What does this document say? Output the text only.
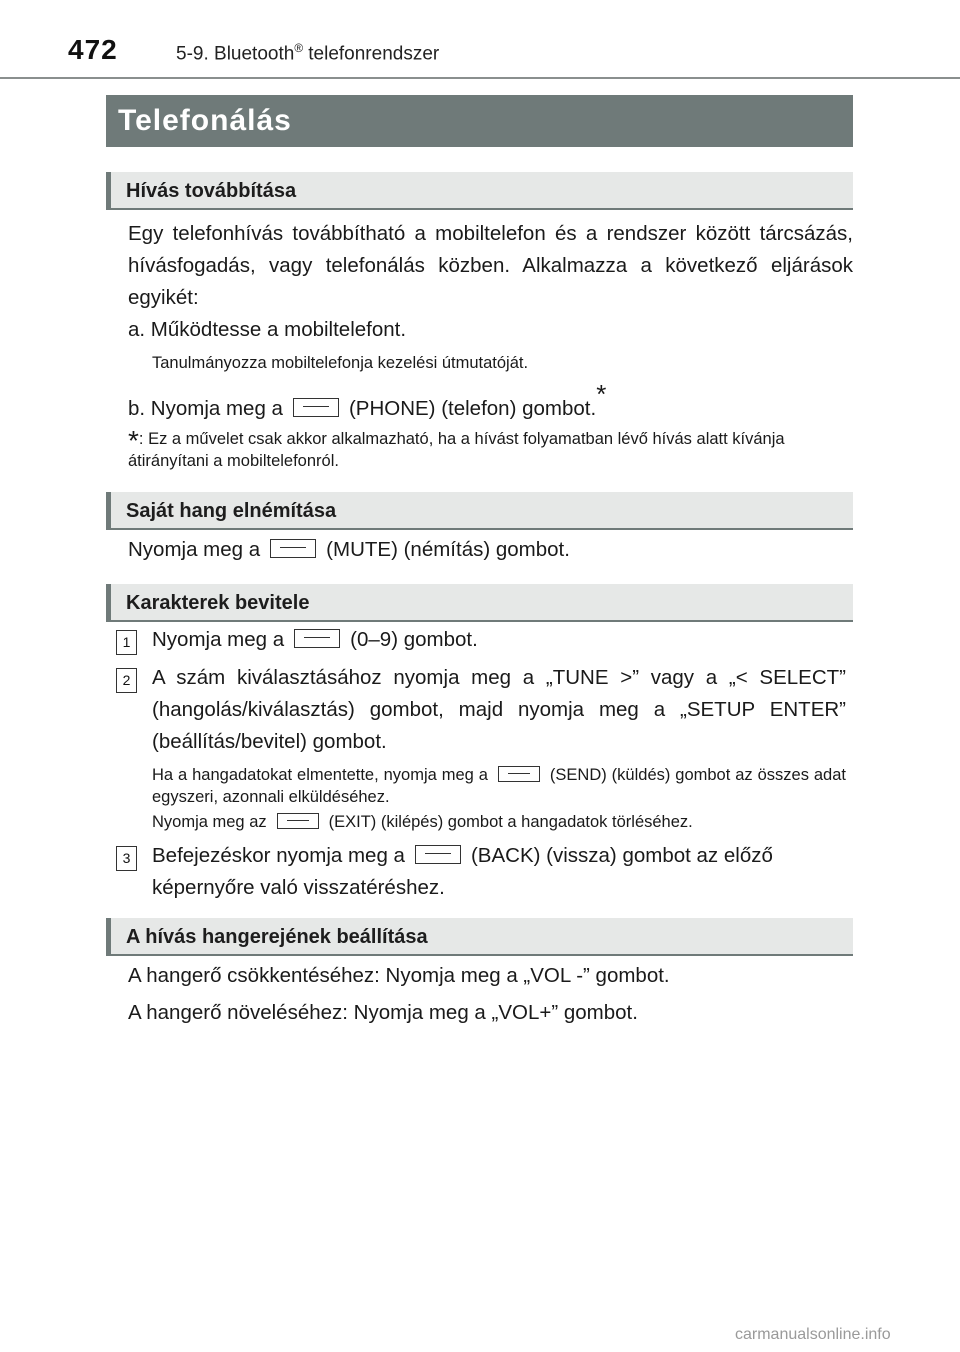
472	5-9. Bluetooth® telefonrendszer
Telefonálás
Hívás továbbítása
Egy telefonhívás továbbítható a mobiltelefon és a rendszer között tárcsázás, hívásfogadás, vagy telefonálás közben. Alkalmazza a következő eljárások egyikét:
a. Működtesse a mobiltelefont.
Tanulmányozza mobiltelefonja kezelési útmutatóját.
b. Nyomja meg a	(PHONE) (telefon) gombot.*
*: Ez a művelet csak akkor alkalmazható, ha a hívást folyamatban lévő hívás alatt kívánja átirányítani a mobiltelefonról.
Saját hang elnémítása
Nyomja meg a	(MUTE) (némítás) gombot.
Karakterek bevitele
1	Nyomja meg a	(0–9) gombot.
2	A szám kiválasztásához nyomja meg a „TUNE >” vagy a „< SELECT” (hangolás/kiválasztás) gombot, majd nyomja meg a „SETUP ENTER” (beállítás/bevitel) gombot.
Ha a hangadatokat elmentette, nyomja meg a	(SEND) (küldés) gombot az összes adat egyszeri, azonnali elküldéséhez.
Nyomja meg az	(EXIT) (kilépés) gombot a hangadatok törléséhez.
3	Befejezéskor nyomja meg a	(BACK) (vissza) gombot az előző képernyőre való visszatéréshez.
A hívás hangerejének beállítása
A hangerő csökkentéséhez: Nyomja meg a „VOL -” gombot.
A hangerő növeléséhez: Nyomja meg a „VOL+” gombot.
carmanualsonline.info
